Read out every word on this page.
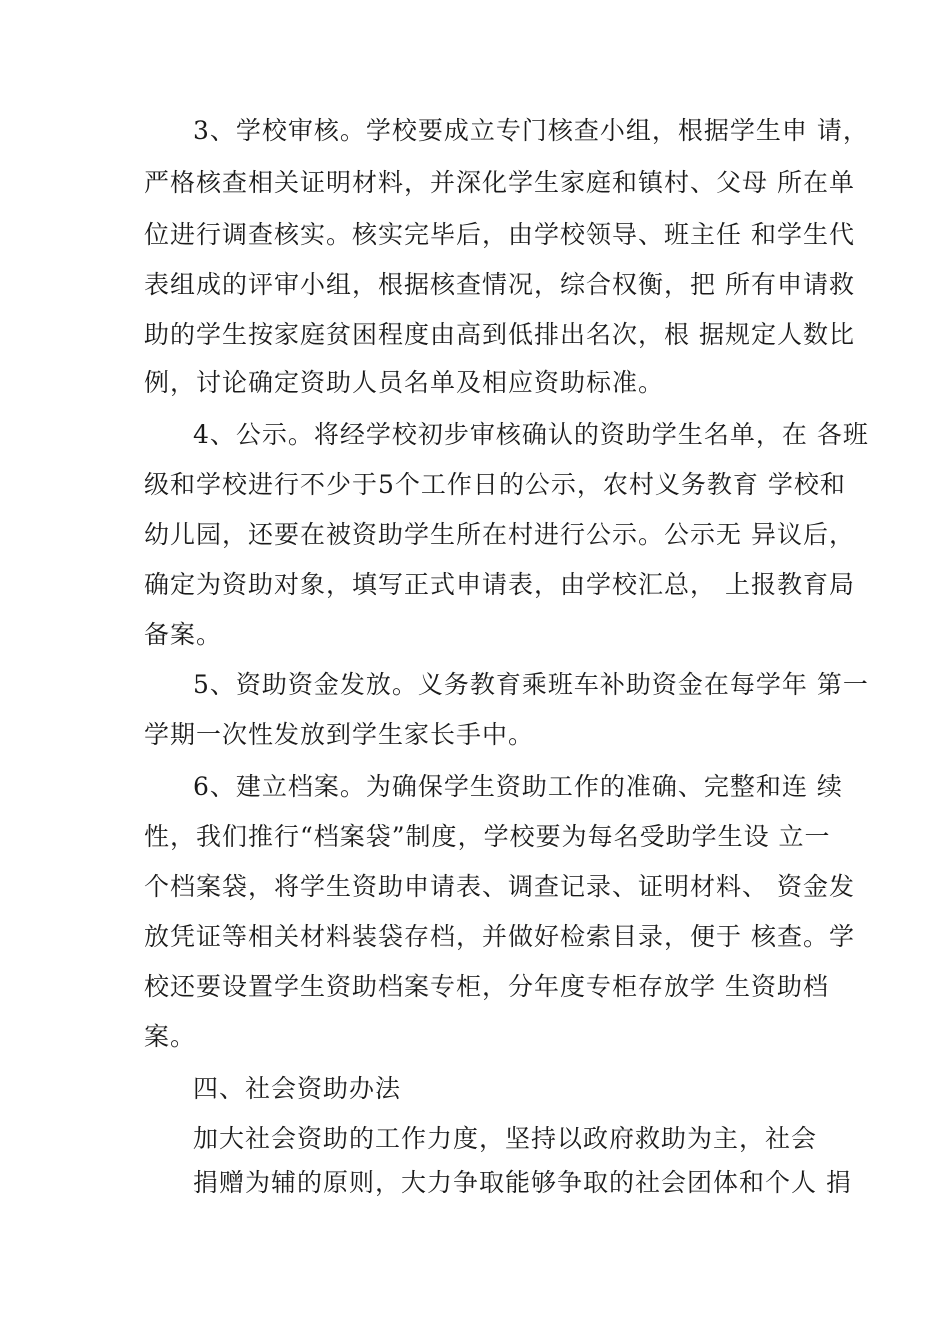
3、学校审核。学校要成立专门核查小组，根据学生申 请，
严格核查相关证明材料，并深化学生家庭和镇村、父母 所在单
位进行调查核实。核实完毕后，由学校领导、班主任 和学生代
表组成的评审小组，根据核查情况，综合权衡，把 所有申请救
助的学生按家庭贫困程度由高到低排出名次，根 据规定人数比
例，讨论确定资助人员名单及相应资助标准。
4、公示。将经学校初步审核确认的资助学生名单，在 各班
级和学校进行不少于5个工作日的公示，农村义务教育 学校和
幼儿园，还要在被资助学生所在村进行公示。公示无 异议后，
确定为资助对象，填写正式申请表，由学校汇总， 上报教育局
备案。
5、资助资金发放。义务教育乘班车补助资金在每学年 第一
学期一次性发放到学生家长手中。
6、建立档案。为确保学生资助工作的准确、完整和连 续
性，我们推行“档案袋”制度，学校要为每名受助学生设 立一
个档案袋，将学生资助申请表、调查记录、证明材料、 资金发
放凭证等相关材料装袋存档，并做好检索目录，便于 核查。学
校还要设置学生资助档案专柜，分年度专柜存放学 生资助档
案。
四、社会资助办法
加大社会资助的工作力度，坚持以政府救助为主，社会
捐赠为辅的原则，大力争取能够争取的社会团体和个人 捐
